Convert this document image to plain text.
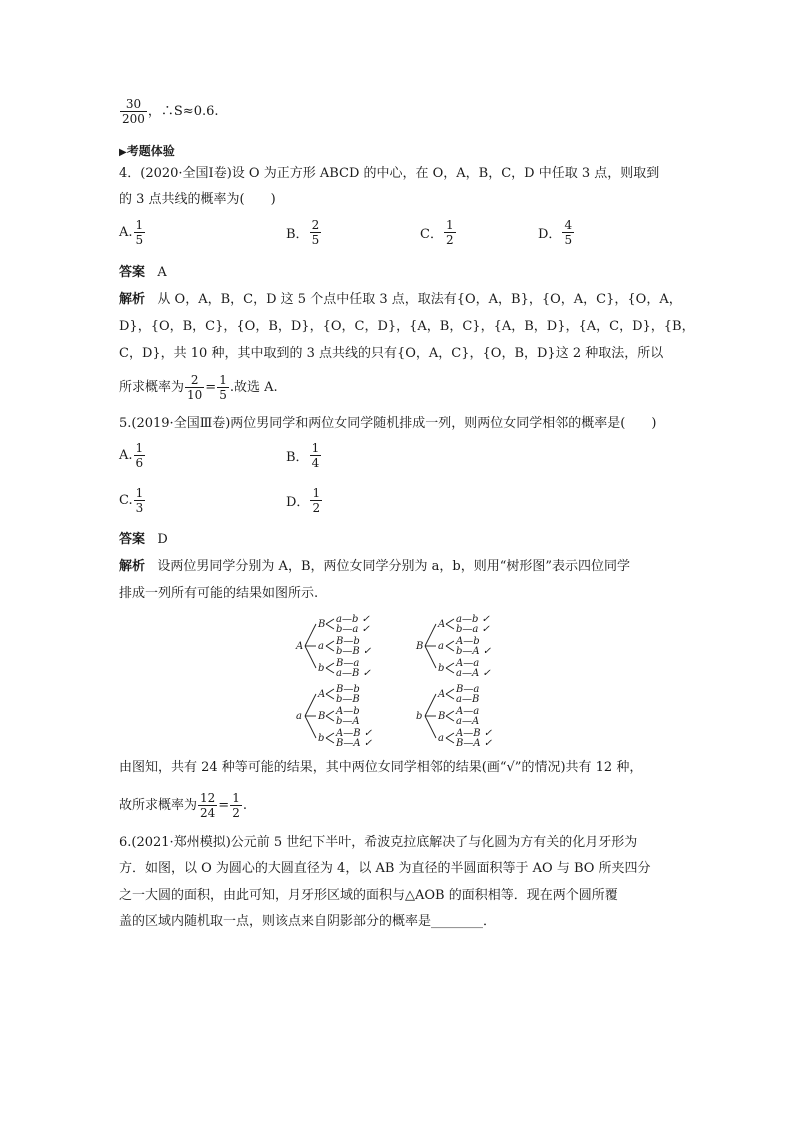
$\frac{30}{200}$ ，∴S≈0.6.
▶考题体验
4．(2020·全国Ⅰ卷)设 O 为正方形 ABCD 的中心，在 O，A，B，C，D 中任取 3 点，则取到
的 3 点共线的概率为(　　)
A. $\frac{1}{5}$	B． $\frac{2}{5}$	C． $\frac{1}{2}$	D． $\frac{4}{5}$
答案 A
解析 从 O，A，B，C，D 这 5 个点中任取 3 点，取法有{O，A，B}，{O，A，C}，{O，A，
D}，{O，B，C}，{O，B，D}，{O，C，D}，{A，B，C}，{A，B，D}，{A，C，D}，{B，
C，D}，共 10 种，其中取到的 3 点共线的只有{O，A，C}，{O，B，D}这 2 种取法，所以
所求概率为 $\frac{2}{10} = \frac{1}{5}$ .故选 A.
5.(2019·全国Ⅲ卷)两位男同学和两位女同学随机排成一列，则两位女同学相邻的概率是(　　)
A. $\frac{1}{6}$	B． $\frac{1}{4}$
C. $\frac{1}{3}$	D． $\frac{1}{2}$
答案 D
解析 设两位男同学分别为 A，B，两位女同学分别为 a，b，则用“树形图”表示四位同学
排成一列所有可能的结果如图所示.
A
B a—b ✓
b—a ✓
a B—b
b—B ✓
b B—a
a—B ✓
B
A a—b ✓
b—a ✓
a A—b
b—A ✓
b A—a
a—A ✓
a
A B—b
b—B
B A—b
b—A
b A—B ✓
B—A ✓
b
A B—a
a—B
B A—a
a—A
a A—B ✓
B—A ✓
由图知，共有 24 种等可能的结果，其中两位女同学相邻的结果(画“√”的情况)共有 12 种，
故所求概率为 $\frac{12}{24} = \frac{1}{2}$ .
6.(2021·郑州模拟)公元前 5 世纪下半叶，希波克拉底解决了与化圆为方有关的化月牙形为
方．如图，以 O 为圆心的大圆直径为 4，以 AB 为直径的半圆面积等于 AO 与 BO 所夹四分
之一大圆的面积，由此可知，月牙形区域的面积与△AOB 的面积相等．现在两个圆所覆
盖的区域内随机取一点，则该点来自阴影部分的概率是________．
